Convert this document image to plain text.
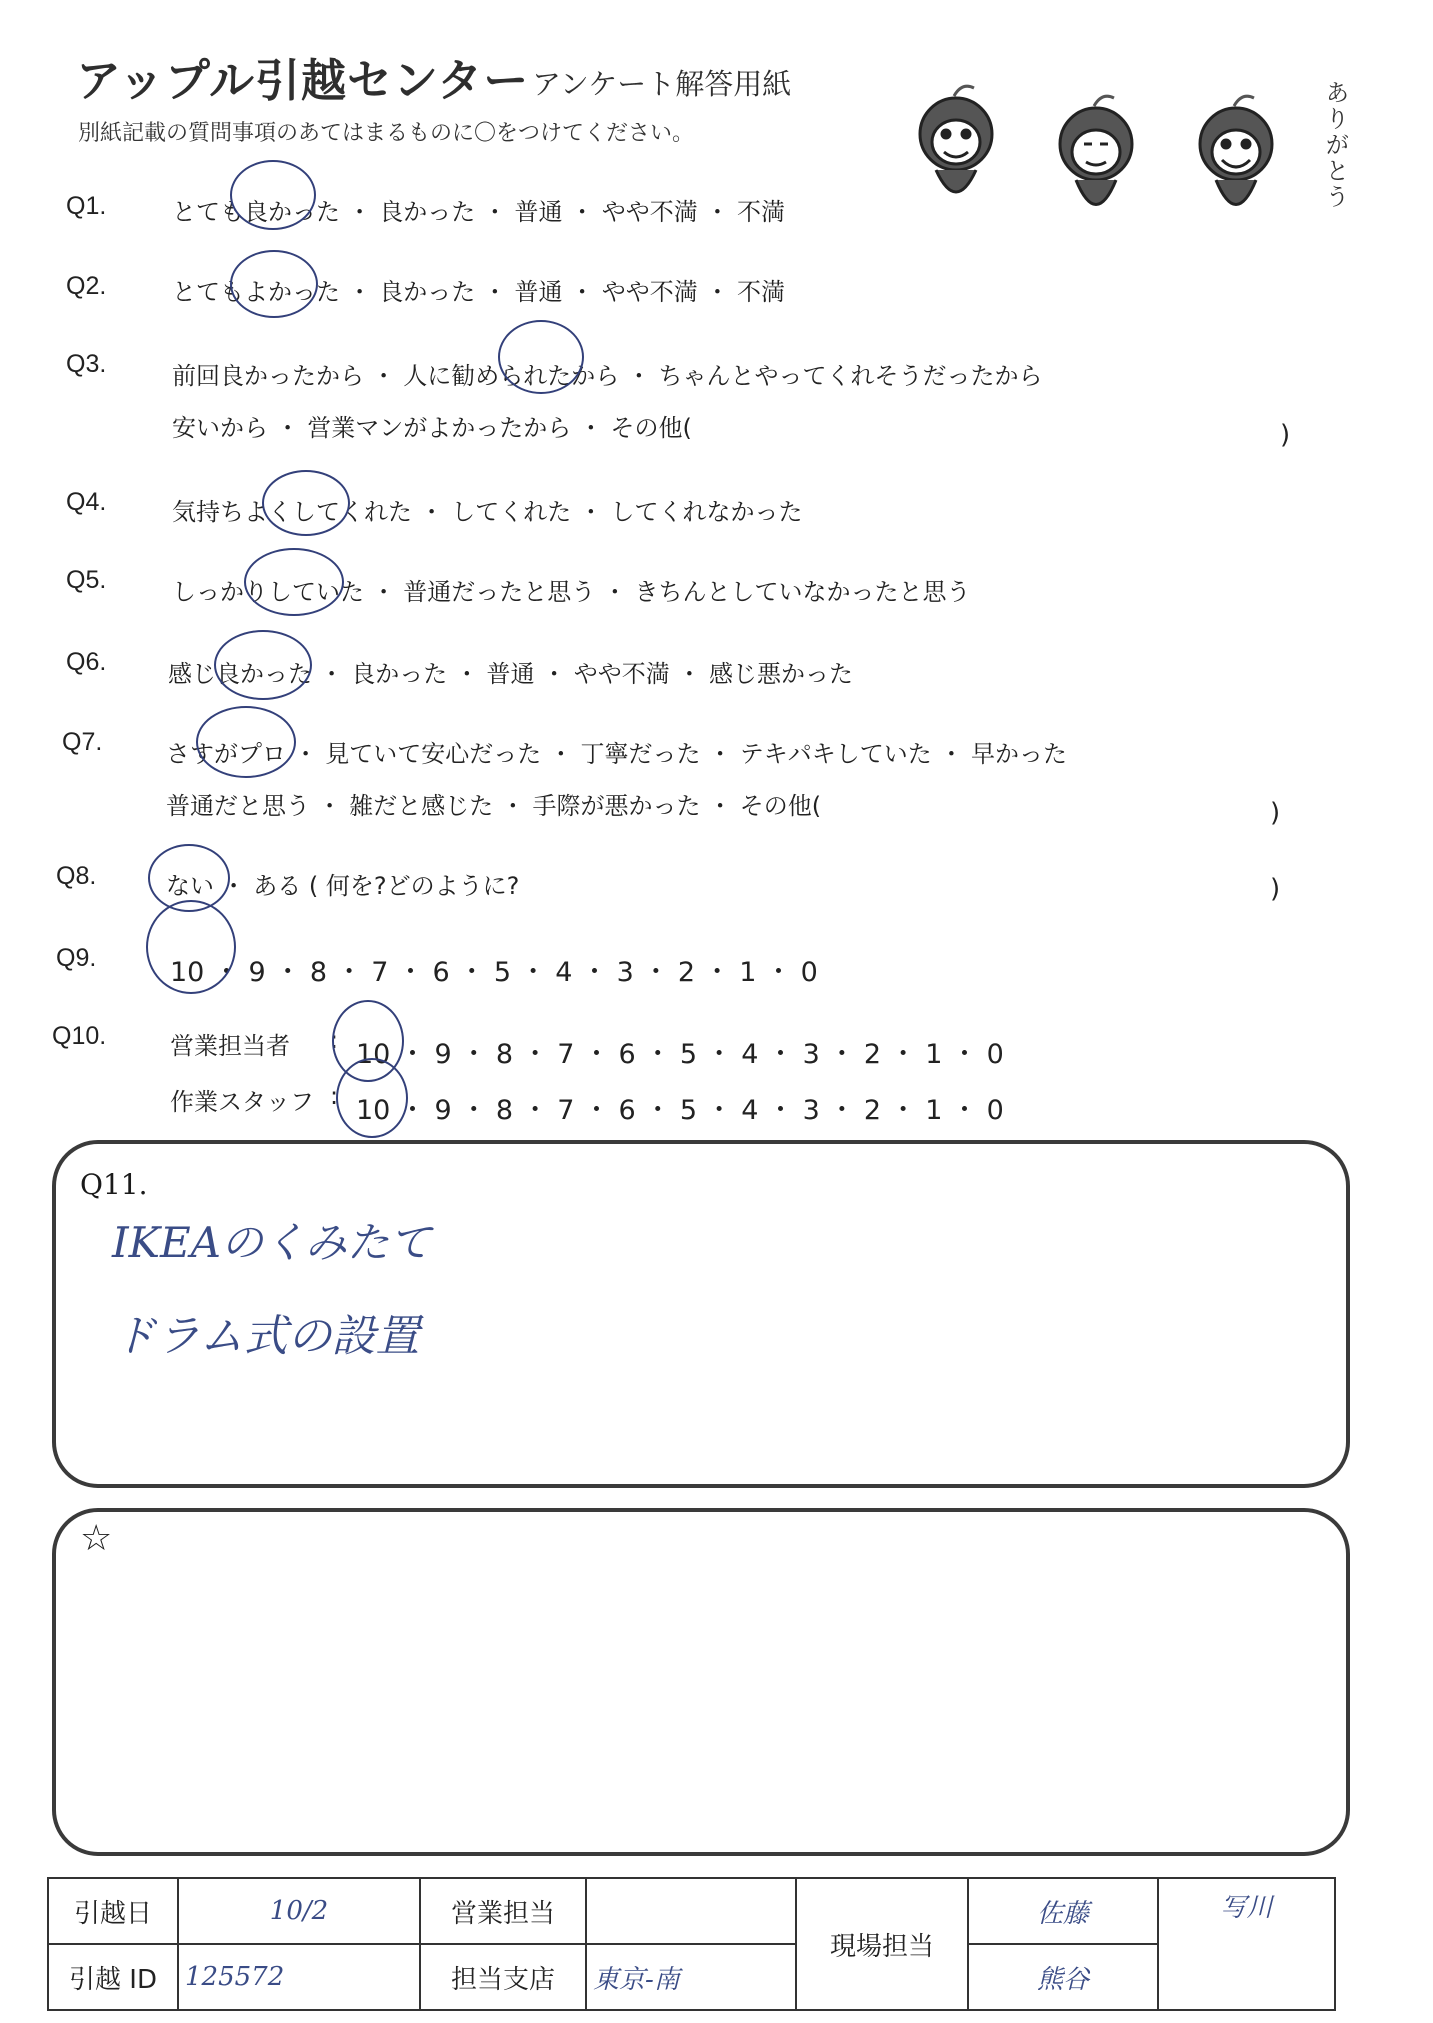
アップル引越センター アンケート解答用紙
別紙記載の質問事項のあてはまるものに〇をつけてください。	ありがとう
Q1.	とても良かった ・ 良かった ・ 普通 ・ やや不満 ・ 不満
Q2.	とてもよかった ・ 良かった ・ 普通 ・ やや不満 ・ 不満
Q3.	前回良かったから ・ 人に勧められたから ・ ちゃんとやってくれそうだったから
安いから ・ 営業マンがよかったから ・ その他(	)
Q4.	気持ちよくしてくれた ・ してくれた ・ してくれなかった
Q5.	しっかりしていた ・ 普通だったと思う ・ きちんとしていなかったと思う
Q6.	感じ良かった ・ 良かった ・ 普通 ・ やや不満 ・ 感じ悪かった
Q7.	さすがプロ ・ 見ていて安心だった ・ 丁寧だった ・ テキパキしていた ・ 早かった
普通だと思う ・ 雑だと感じた ・ 手際が悪かった ・ その他(	)
Q8.	ない ・ ある ( 何を?どのように?	)
Q9.	10 ・ 9 ・ 8 ・ 7 ・ 6 ・ 5 ・ 4 ・ 3 ・ 2 ・ 1 ・ 0
Q10.	営業担当者 : 10 ・ 9 ・ 8 ・ 7 ・ 6 ・ 5 ・ 4 ・ 3 ・ 2 ・ 1 ・ 0
作業スタッフ : 10 ・ 9 ・ 8 ・ 7 ・ 6 ・ 5 ・ 4 ・ 3 ・ 2 ・ 1 ・ 0
Q11.
IKEAのくみたて
ドラム式の設置
☆
引越日	10/2	営業担当		現場担当	佐藤	写川
引越 ID	125572	担当支店	東京-南		熊谷	
